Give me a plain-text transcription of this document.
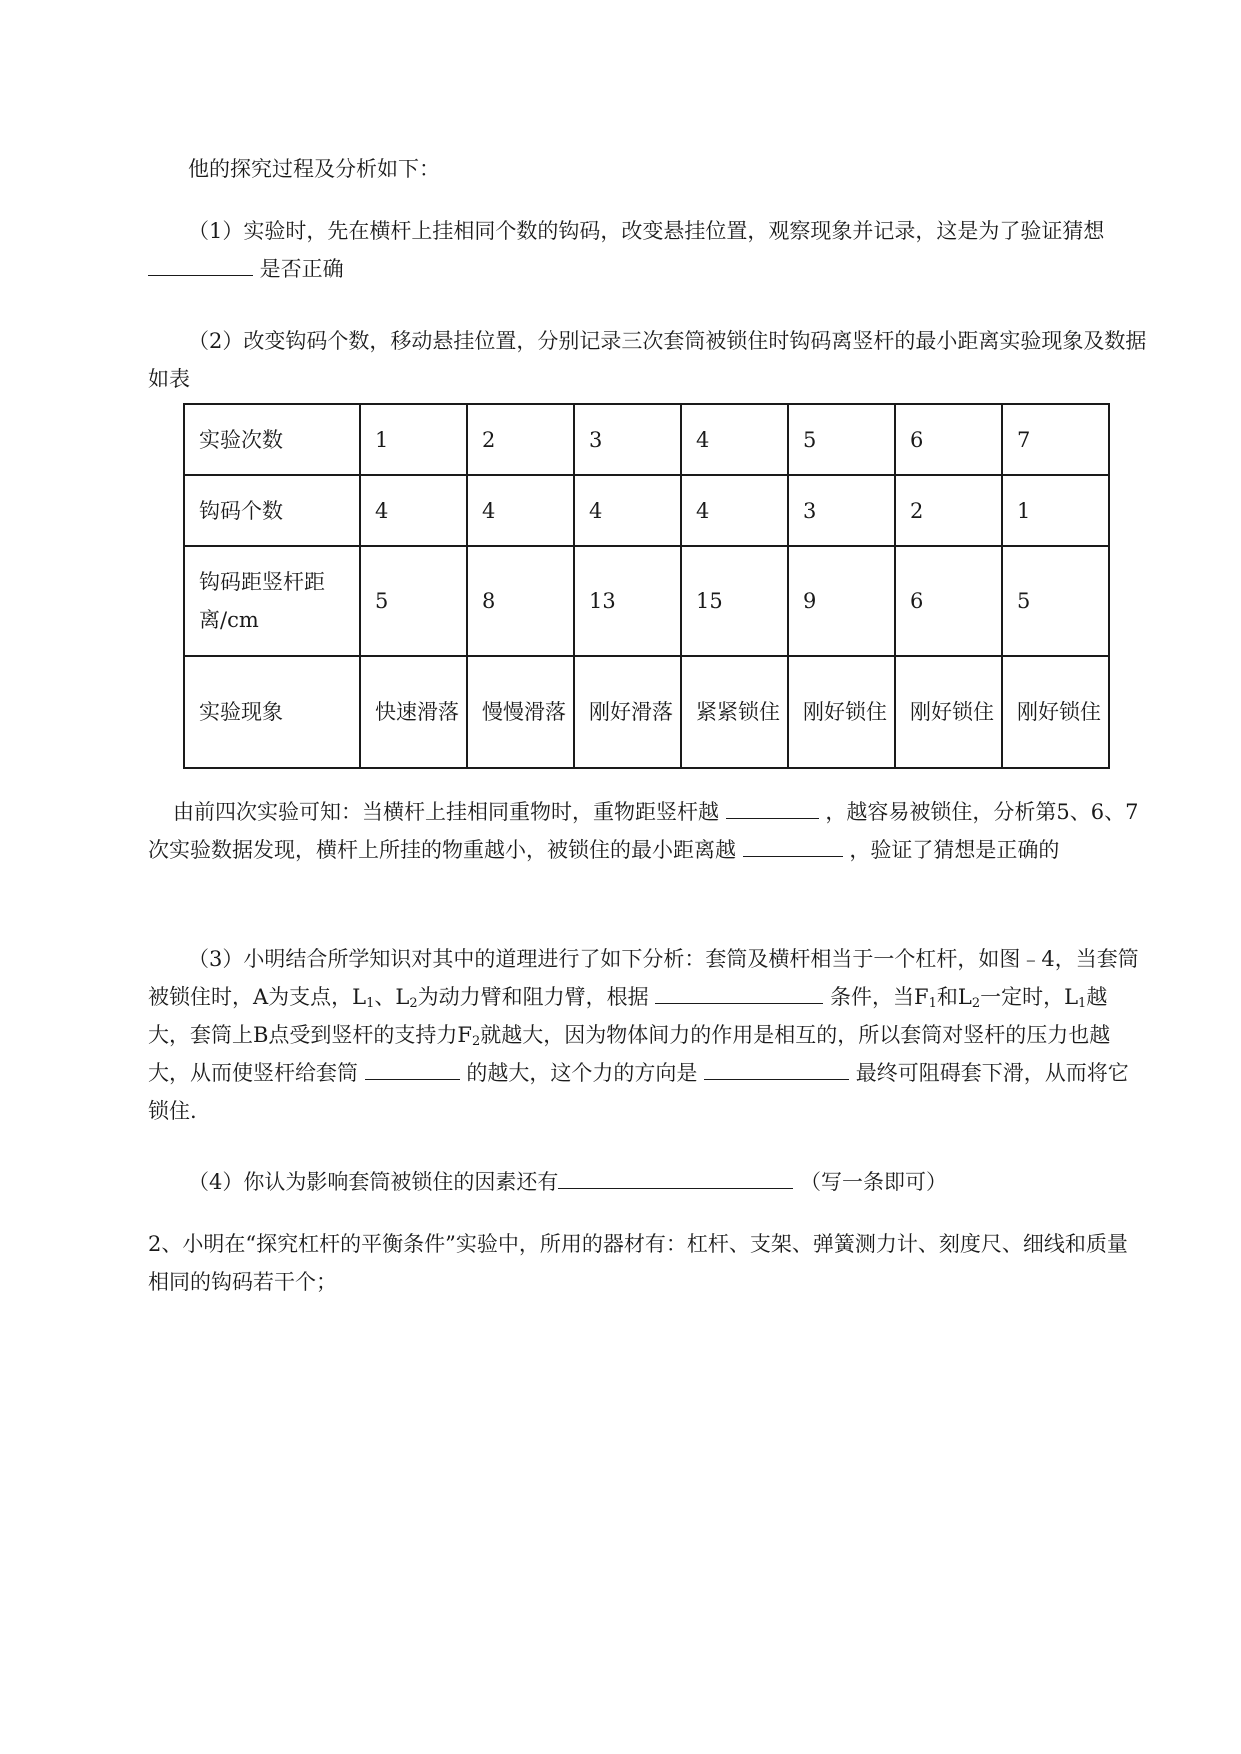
他的探究过程及分析如下：

（1）实验时，先在横杆上挂相同个数的钩码，改变悬挂位置，观察现象并记录，这是为了验证猜想 是否正确

（2）改变钩码个数，移动悬挂位置，分别记录三次套筒被锁住时钩码离竖杆的最小距离实验现象及数据如表

实验次数	1	2	3	4	5	6	7
钩码个数	4	4	4	4	3	2	1
钩码距竖杆距离/cm	5	8	13	15	9	6	5
实验现象	快速滑落	慢慢滑落	刚好滑落	紧紧锁住	刚好锁住	刚好锁住	刚好锁住

由前四次实验可知：当横杆上挂相同重物时，重物距竖杆越	，越容易被锁住，分析第5、6、7次实验数据发现，横杆上所挂的物重越小，被锁住的最小距离越	，验证了猜想是正确的

（3）小明结合所学知识对其中的道理进行了如下分析：套筒及横杆相当于一个杠杆，如图﹣4，当套筒被锁住时，A为支点，$L_1$、$L_2$为动力臂和阻力臂，根据	条件，当$F_1$和$L_2$一定时，$L_1$越大，套筒上B点受到竖杆的支持力$F_2$就越大，因为物体间力的作用是相互的，所以套筒对竖杆的压力也越大，从而使竖杆给套筒	的越大，这个力的方向是	最终可阻碍套下滑，从而将它锁住.

（4）你认为影响套筒被锁住的因素还有	（写一条即可）

2、小明在“探究杠杆的平衡条件”实验中，所用的器材有：杠杆、支架、弹簧测力计、刻度尺、细线和质量相同的钩码若干个；
